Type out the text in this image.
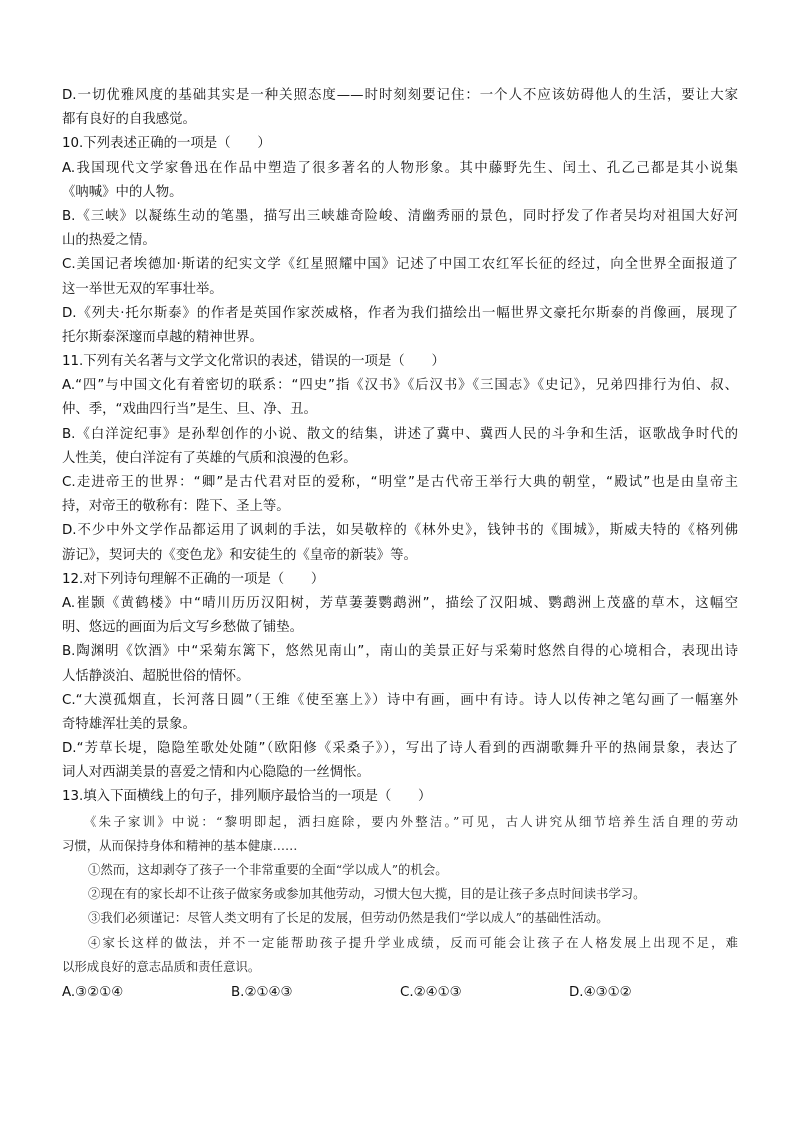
D.一切优雅风度的基础其实是一种关照态度——时时刻刻要记住：一个人不应该妨碍他人的生活，要让大家
都有良好的自我感觉。
10.下列表述正确的一项是（　　）
A.我国现代文学家鲁迅在作品中塑造了很多著名的人物形象。其中藤野先生、闰土、孔乙己都是其小说集
《呐喊》中的人物。
B.《三峡》以凝练生动的笔墨，描写出三峡雄奇险峻、清幽秀丽的景色，同时抒发了作者吴均对祖国大好河
山的热爱之情。
C.美国记者埃德加·斯诺的纪实文学《红星照耀中国》记述了中国工农红军长征的经过，向全世界全面报道了
这一举世无双的军事壮举。
D.《列夫·托尔斯泰》的作者是英国作家茨威格，作者为我们描绘出一幅世界文豪托尔斯泰的肖像画，展现了
托尔斯泰深邃而卓越的精神世界。
11.下列有关名著与文学文化常识的表述，错误的一项是（　　）
A.“四”与中国文化有着密切的联系：“四史”指《汉书》《后汉书》《三国志》《史记》，兄弟四排行为伯、叔、
仲、季，“戏曲四行当”是生、旦、净、丑。
B.《白洋淀纪事》是孙犁创作的小说、散文的结集，讲述了冀中、冀西人民的斗争和生活，讴歌战争时代的
人性美，使白洋淀有了英雄的气质和浪漫的色彩。
C.走进帝王的世界：“卿”是古代君对臣的爱称，“明堂”是古代帝王举行大典的朝堂，“殿试”也是由皇帝主
持，对帝王的敬称有：陛下、圣上等。
D.不少中外文学作品都运用了讽刺的手法，如吴敬梓的《林外史》，钱钟书的《围城》，斯威夫特的《格列佛
游记》，契诃夫的《变色龙》和安徒生的《皇帝的新装》等。
12.对下列诗句理解不正确的一项是（　　）
A.崔颢《黄鹤楼》中“晴川历历汉阳树，芳草萋萋鹦鹉洲”，描绘了汉阳城、鹦鹉洲上茂盛的草木，这幅空
明、悠远的画面为后文写乡愁做了铺垫。
B.陶渊明《饮酒》中“采菊东篱下，悠然见南山”，南山的美景正好与采菊时悠然自得的心境相合，表现出诗
人恬静淡泊、超脱世俗的情怀。
C.“大漠孤烟直，长河落日圆”（王维《使至塞上》）诗中有画，画中有诗。诗人以传神之笔勾画了一幅塞外
奇特雄浑壮美的景象。
D.“芳草长堤，隐隐笙歌处处随”（欧阳修《采桑子》），写出了诗人看到的西湖歌舞升平的热闹景象，表达了
词人对西湖美景的喜爱之情和内心隐隐的一丝惆怅。
13.填入下面横线上的句子，排列顺序最恰当的一项是（　　）
《朱子家训》中说：“黎明即起，洒扫庭除，要内外整洁。”可见，古人讲究从细节培养生活自理的劳动
习惯，从而保持身体和精神的基本健康……
①然而，这却剥夺了孩子一个非常重要的全面“学以成人”的机会。
②现在有的家长却不让孩子做家务或参加其他劳动，习惯大包大揽，目的是让孩子多点时间读书学习。
③我们必须谨记：尽管人类文明有了长足的发展，但劳动仍然是我们“学以成人”的基础性活动。
④家长这样的做法，并不一定能帮助孩子提升学业成绩，反而可能会让孩子在人格发展上出现不足，难
以形成良好的意志品质和责任意识。
A.③②①④	B.②①④③	C.②④①③	D.④③①②
